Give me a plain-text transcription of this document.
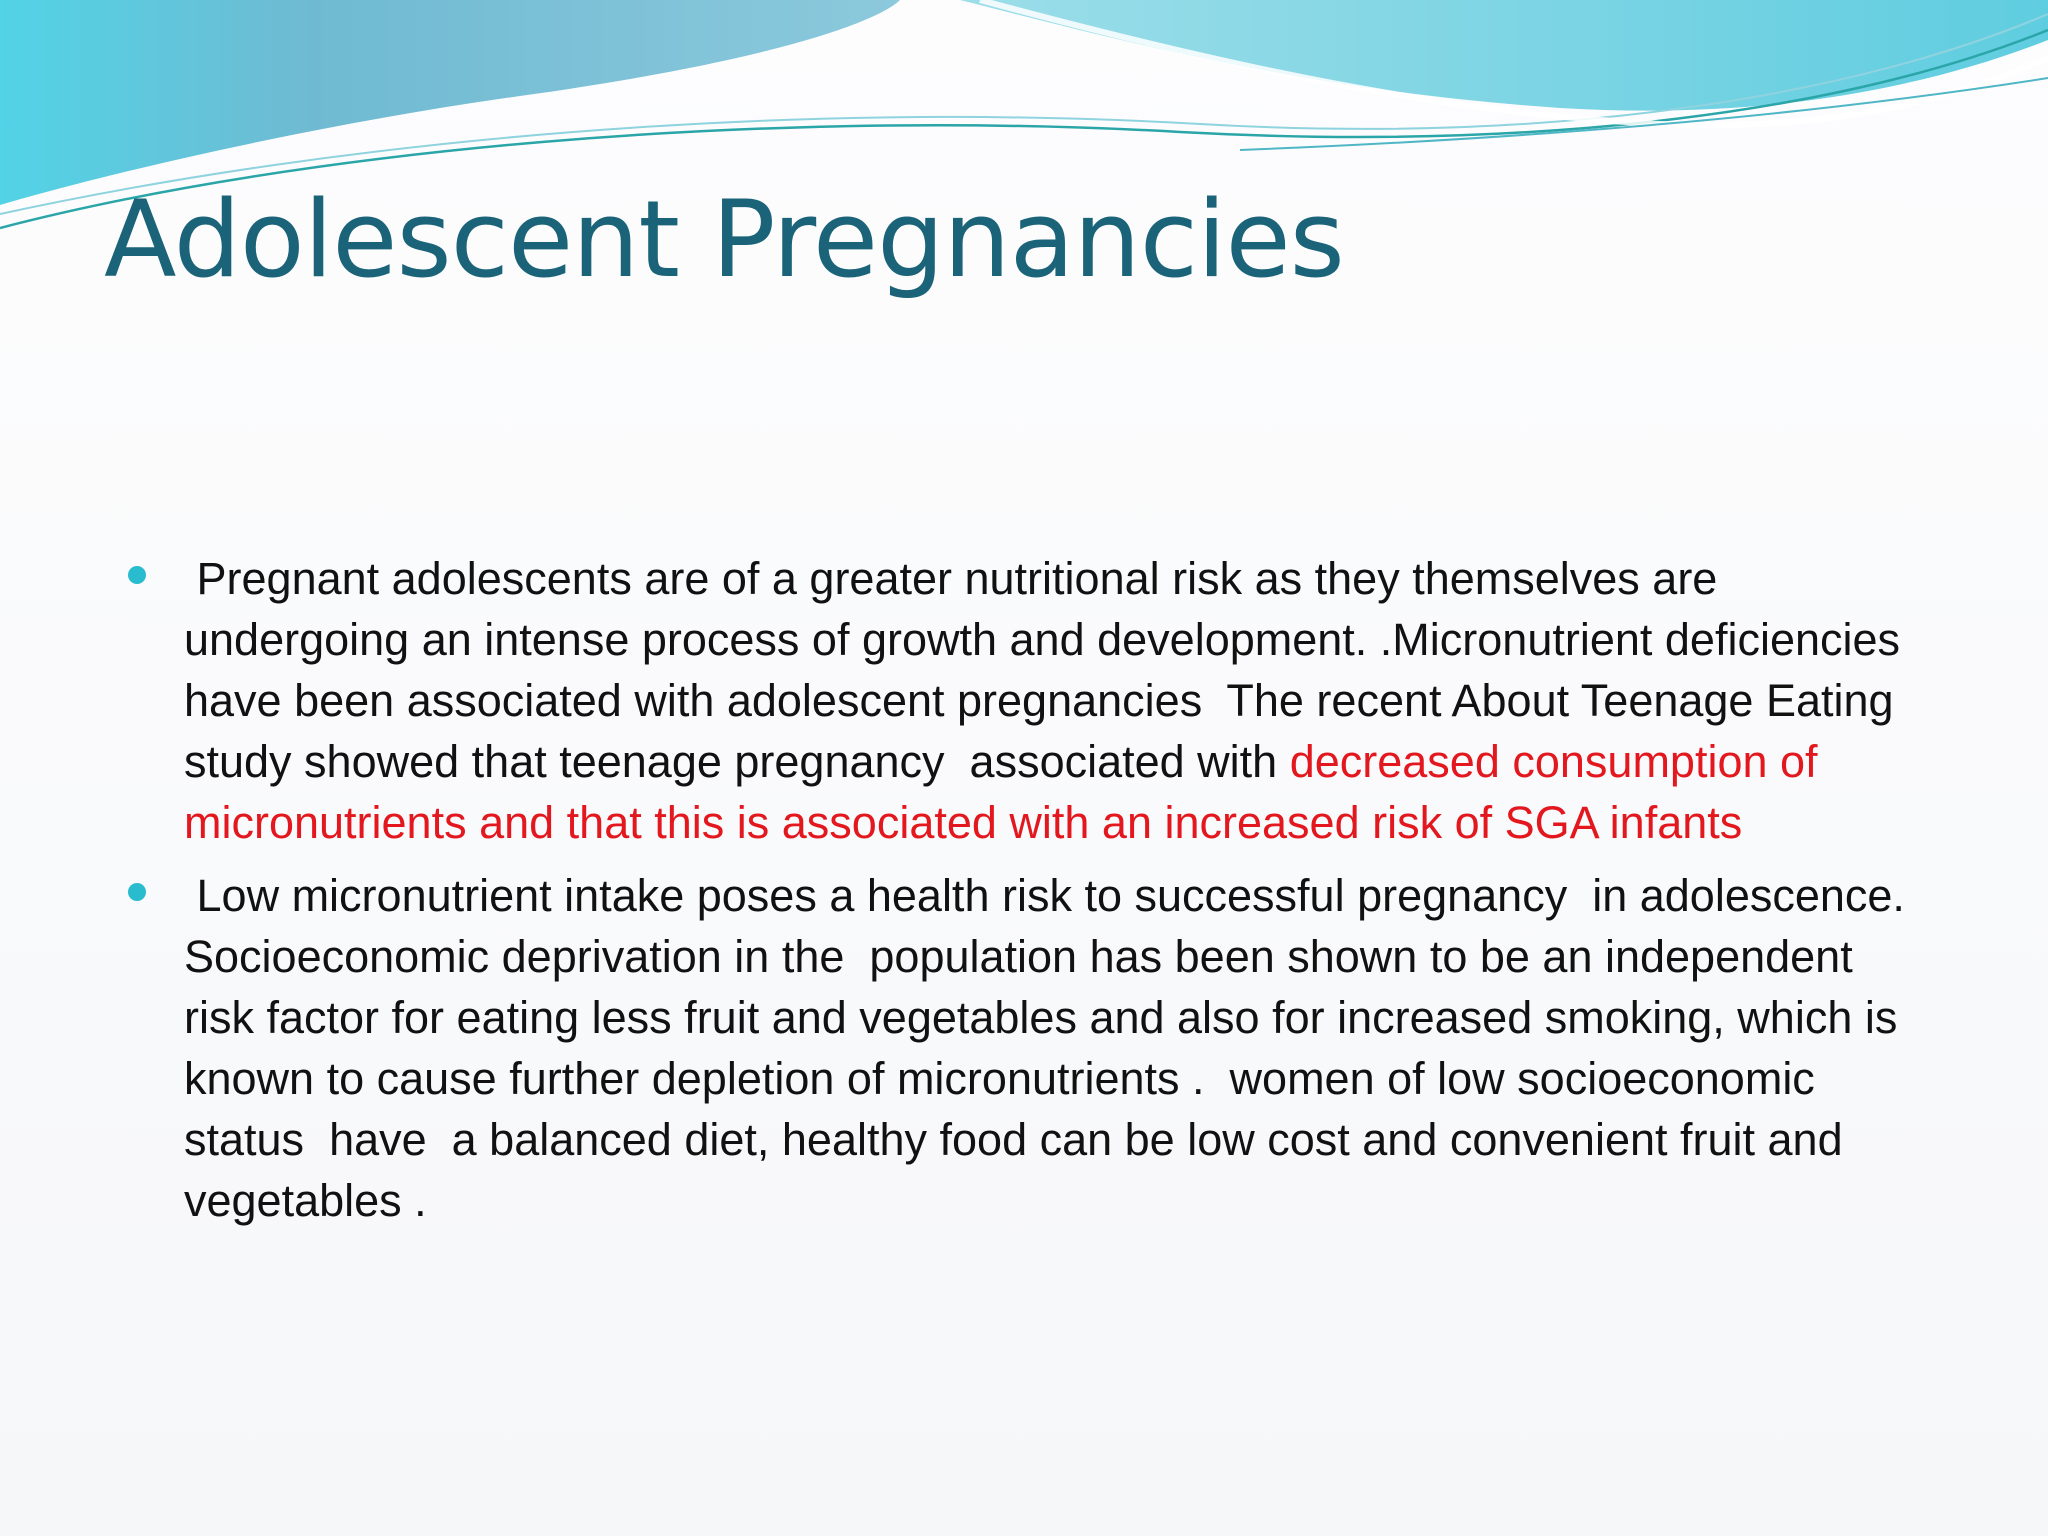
Adolescent Pregnancies
Pregnant adolescents are of a greater nutritional risk as they themselves are undergoing an intense process of growth and development. .Micronutrient deficiencies have been associated with adolescent pregnancies  The recent About Teenage Eating study showed that teenage pregnancy  associated with decreased consumption of micronutrients and that this is associated with an increased risk of SGA infants
Low micronutrient intake poses a health risk to successful pregnancy  in adolescence. Socioeconomic deprivation in the  population has been shown to be an independent risk factor for eating less fruit and vegetables and also for increased smoking, which is known to cause further depletion of micronutrients .  women of low socioeconomic status  have  a balanced diet, healthy food can be low cost and convenient fruit and vegetables .
